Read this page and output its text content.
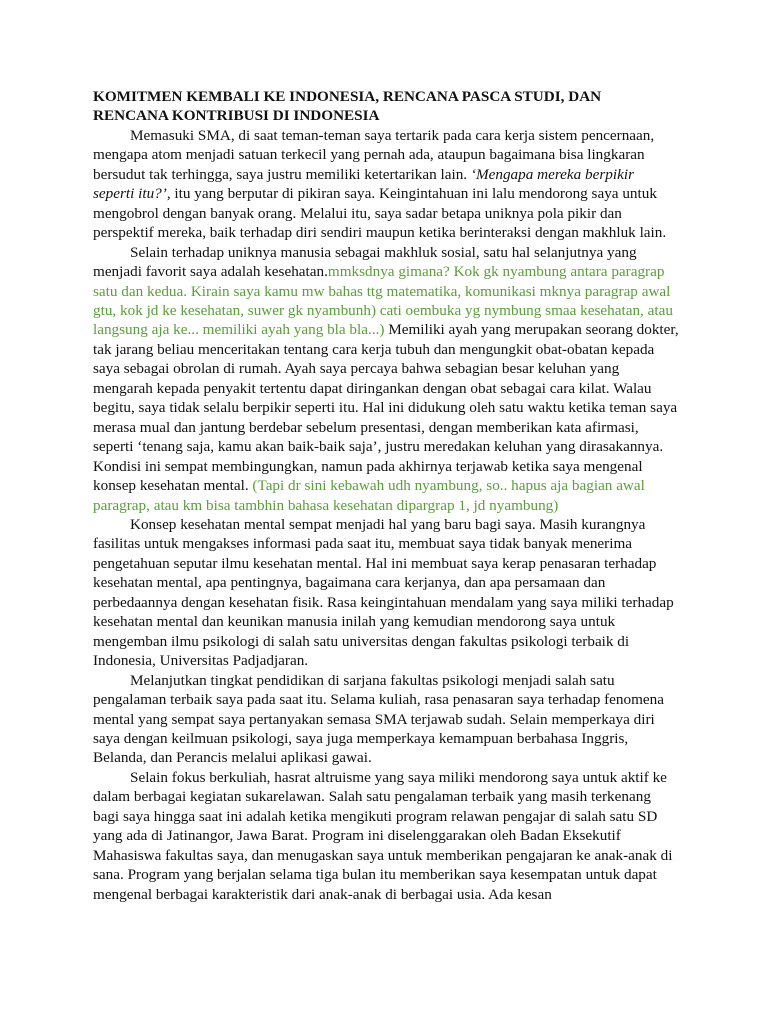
KOMITMEN KEMBALI KE INDONESIA, RENCANA PASCA STUDI, DAN RENCANA KONTRIBUSI DI INDONESIA

Memasuki SMA, di saat teman-teman saya tertarik pada cara kerja sistem pencernaan, mengapa atom menjadi satuan terkecil yang pernah ada, ataupun bagaimana bisa lingkaran bersudut tak terhingga, saya justru memiliki ketertarikan lain. ‘Mengapa mereka berpikir seperti itu?’, itu yang berputar di pikiran saya. Keingintahuan ini lalu mendorong saya untuk mengobrol dengan banyak orang. Melalui itu, saya sadar betapa uniknya pola pikir dan perspektif mereka, baik terhadap diri sendiri maupun ketika berinteraksi dengan makhluk lain.

Selain terhadap uniknya manusia sebagai makhluk sosial, satu hal selanjutnya yang menjadi favorit saya adalah kesehatan.mmksdnya gimana? Kok gk nyambung antara paragrap satu dan kedua. Kirain saya kamu mw bahas ttg matematika, komunikasi mknya paragrap awal gtu, kok jd ke kesehatan, suwer gk nyambunh) cati oembuka yg nymbung smaa kesehatan, atau langsung aja ke... memiliki ayah yang bla bla...) Memiliki ayah yang merupakan seorang dokter, tak jarang beliau menceritakan tentang cara kerja tubuh dan mengungkit obat-obatan kepada saya sebagai obrolan di rumah. Ayah saya percaya bahwa sebagian besar keluhan yang mengarah kepada penyakit tertentu dapat diringankan dengan obat sebagai cara kilat. Walau begitu, saya tidak selalu berpikir seperti itu. Hal ini didukung oleh satu waktu ketika teman saya merasa mual dan jantung berdebar sebelum presentasi, dengan memberikan kata afirmasi, seperti ‘tenang saja, kamu akan baik-baik saja’, justru meredakan keluhan yang dirasakannya. Kondisi ini sempat membingungkan, namun pada akhirnya terjawab ketika saya mengenal konsep kesehatan mental. (Tapi dr sini kebawah udh nyambung, so.. hapus aja bagian awal paragrap, atau km bisa tambhin bahasa kesehatan dipargrap 1, jd nyambung)

Konsep kesehatan mental sempat menjadi hal yang baru bagi saya. Masih kurangnya fasilitas untuk mengakses informasi pada saat itu, membuat saya tidak banyak menerima pengetahuan seputar ilmu kesehatan mental. Hal ini membuat saya kerap penasaran terhadap kesehatan mental, apa pentingnya, bagaimana cara kerjanya, dan apa persamaan dan perbedaannya dengan kesehatan fisik. Rasa keingintahuan mendalam yang saya miliki terhadap kesehatan mental dan keunikan manusia inilah yang kemudian mendorong saya untuk mengemban ilmu psikologi di salah satu universitas dengan fakultas psikologi terbaik di Indonesia, Universitas Padjadjaran.

Melanjutkan tingkat pendidikan di sarjana fakultas psikologi menjadi salah satu pengalaman terbaik saya pada saat itu. Selama kuliah, rasa penasaran saya terhadap fenomena mental yang sempat saya pertanyakan semasa SMA terjawab sudah. Selain memperkaya diri saya dengan keilmuan psikologi, saya juga memperkaya kemampuan berbahasa Inggris, Belanda, dan Perancis melalui aplikasi gawai.

Selain fokus berkuliah, hasrat altruisme yang saya miliki mendorong saya untuk aktif ke dalam berbagai kegiatan sukarelawan. Salah satu pengalaman terbaik yang masih terkenang bagi saya hingga saat ini adalah ketika mengikuti program relawan pengajar di salah satu SD yang ada di Jatinangor, Jawa Barat. Program ini diselenggarakan oleh Badan Eksekutif Mahasiswa fakultas saya, dan menugaskan saya untuk memberikan pengajaran ke anak-anak di sana. Program yang berjalan selama tiga bulan itu memberikan saya kesempatan untuk dapat mengenal berbagai karakteristik dari anak-anak di berbagai usia. Ada kesan
